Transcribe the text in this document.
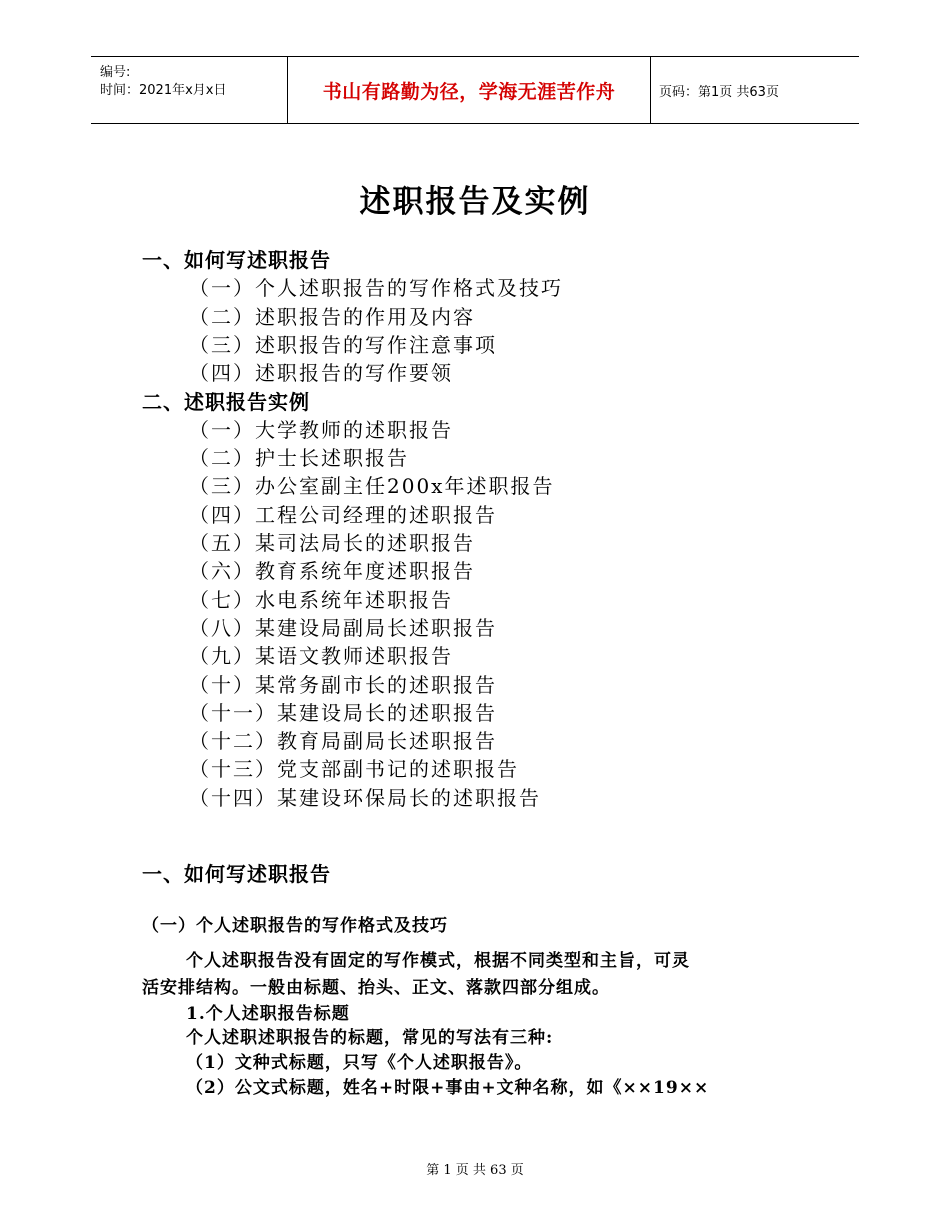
编号:
时间：2021年x月x日	书山有路勤为径，学海无涯苦作舟	页码：第1页 共63页
述职报告及实例
一、如何写述职报告
（一）个人述职报告的写作格式及技巧
（二）述职报告的作用及内容
（三）述职报告的写作注意事项
（四）述职报告的写作要领
二、述职报告实例
（一）大学教师的述职报告
（二）护士长述职报告
（三）办公室副主任200x年述职报告
（四）工程公司经理的述职报告
（五）某司法局长的述职报告
（六）教育系统年度述职报告
（七）水电系统年述职报告
（八）某建设局副局长述职报告
（九）某语文教师述职报告
（十）某常务副市长的述职报告
（十一）某建设局长的述职报告
（十二）教育局副局长述职报告
（十三）党支部副书记的述职报告
（十四）某建设环保局长的述职报告
一、如何写述职报告
（一）个人述职报告的写作格式及技巧
个人述职报告没有固定的写作模式，根据不同类型和主旨，可灵
活安排结构。一般由标题、抬头、正文、落款四部分组成。
1.个人述职报告标题
个人述职述职报告的标题，常见的写法有三种:
（1）文种式标题，只写《个人述职报告》。
（2）公文式标题，姓名+时限+事由+文种名称，如《××19××
第 1 页 共 63 页
